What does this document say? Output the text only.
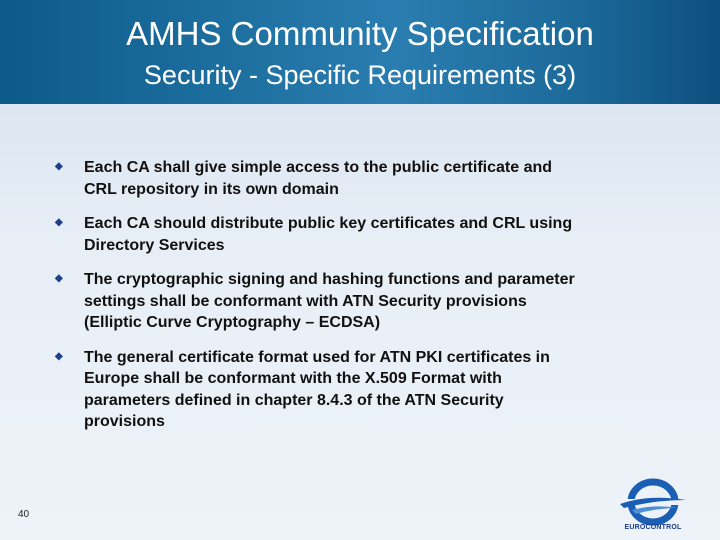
AMHS Community Specification
Security - Specific Requirements (3)
◆ Each CA shall give simple access to the public certificate and
CRL repository in its own domain
◆ Each CA should distribute public key certificates and CRL using
Directory Services
◆ The cryptographic signing and hashing functions and parameter
settings shall be conformant with ATN Security provisions
(Elliptic Curve Cryptography – ECDSA)
◆ The general certificate format used for ATN PKI certificates in
Europe shall be conformant with the X.509 Format with
parameters defined in chapter 8.4.3 of the ATN Security
provisions
40
EUROCONTROL
